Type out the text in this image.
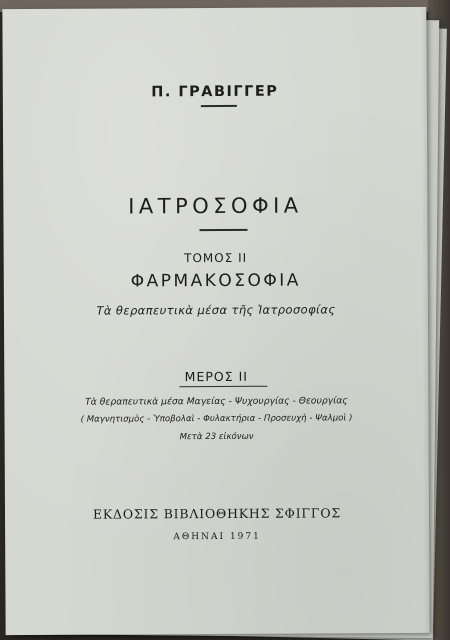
Π. ΓΡΑΒΙΓΓΕΡ
ΙΑΤΡΟΣΟΦΙΑ
ΤΟΜΟΣ ΙΙ
ΦΑΡΜΑΚΟΣΟΦΙΑ
Τὰ θεραπευτικὰ μέσα τῆς Ἰατροσοφίας
ΜΕΡΟΣ ΙΙ
Τὰ θεραπευτικὰ μέσα Μαγείας - Ψυχουργίας - Θεουργίας
( Μαγνητισμὸς - Ὑποβολαὶ - Φυλακτήρια - Προσευχὴ - Ψαλμοὶ )
Μετὰ 23 εἰκόνων
ΕΚΔΟΣΙΣ ΒΙΒΛΙΟΘΗΚΗΣ ΣΦΙΓΓΟΣ
ΑΘΗΝΑΙ 1971
